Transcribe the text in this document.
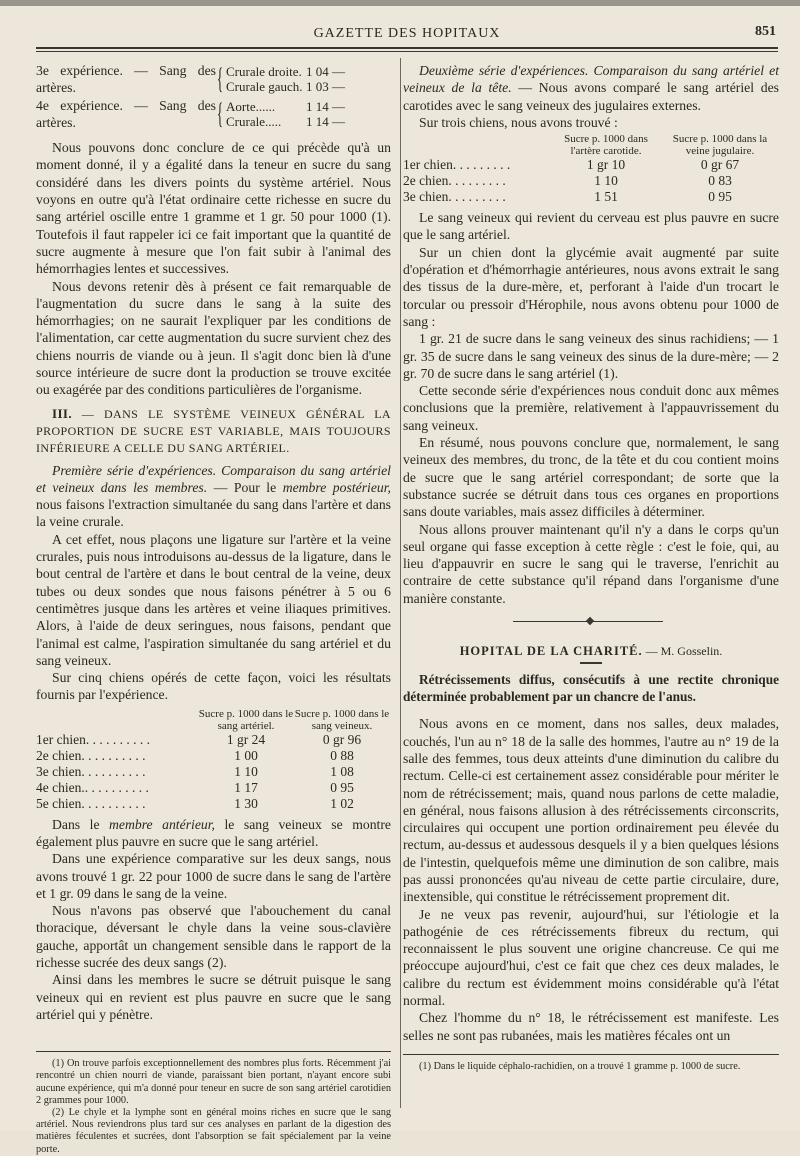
GAZETTE DES HOPITAUX	851
3e expérience. — Sang des artères.	{ Crurale droite. 1 04 —
Crurale gauch. 1 03 —
4e expérience. — Sang des artères.	{ Aorte......	1 14 —
Crurale.....	1 14 —

Nous pouvons donc conclure de ce qui précède qu'à un moment donné, il y a égalité dans la teneur en sucre du sang considéré dans les divers points du système artériel. Nous voyons en outre qu'à l'état ordinaire cette richesse en sucre du sang artériel oscille entre 1 gramme et 1 gr. 50 pour 1000 (1). Toutefois il faut rappeler ici ce fait important que la quantité de sucre augmente à mesure que l'on fait subir à l'animal des hémorrhagies lentes et successives.

Nous devons retenir dès à présent ce fait remarquable de l'augmentation du sucre dans le sang à la suite des hémorrhagies; on ne saurait l'expliquer par les conditions de l'alimentation, car cette augmentation du sucre survient chez des chiens nourris de viande ou à jeun. Il s'agit donc bien là d'une source intérieure de sucre dont la production se trouve excitée ou exagérée par des conditions particulières de l'organisme.

III. — DANS LE SYSTÈME VEINEUX GÉNÉRAL LA PROPORTION DE SUCRE EST VARIABLE, MAIS TOUJOURS INFÉRIEURE A CELLE DU SANG ARTÉRIEL.

Première série d'expériences. Comparaison du sang artériel et veineux dans les membres. — Pour le membre postérieur, nous faisons l'extraction simultanée du sang dans l'artère et dans la veine crurale.

A cet effet, nous plaçons une ligature sur l'artère et la veine crurales, puis nous introduisons au-dessus de la ligature, dans le bout central de l'artère et dans le bout central de la veine, deux tubes ou deux sondes que nous faisons pénétrer à 5 ou 6 centimètres jusque dans les artères et veine iliaques primitives. Alors, à l'aide de deux seringues, nous faisons, pendant que l'animal est calme, l'aspiration simultanée du sang artériel et du sang veineux.

Sur cinq chiens opérés de cette façon, voici les résultats fournis par l'expérience.

	Sucre p. 1000 dans le sang artériel.	Sucre p. 1000 dans le sang veineux.
1er chien. . . . . . . . . .	1 gr 24	0 gr 96
2e chien. . . . . . . . . .	1 00	0 88
3e chien. . . . . . . . . .	1 10	1 08
4e chien.. . . . . . . . . .	1 17	0 95
5e chien. . . . . . . . . .	1 30	1 02

Dans le membre antérieur, le sang veineux se montre également plus pauvre en sucre que le sang artériel.

Dans une expérience comparative sur les deux sangs, nous avons trouvé 1 gr. 22 pour 1000 de sucre dans le sang de l'artère et 1 gr. 09 dans le sang de la veine.

Nous n'avons pas observé que l'abouchement du canal thoracique, déversant le chyle dans la veine sous-clavière gauche, apportât un changement sensible dans le rapport de la richesse sucrée des deux sangs (2).

Ainsi dans les membres le sucre se détruit puisque le sang veineux qui en revient est plus pauvre en sucre que le sang artériel qui y pénètre.

(1) On trouve parfois exceptionnellement des nombres plus forts. Récemment j'ai rencontré un chien nourri de viande, paraissant bien portant, n'ayant encore subi aucune expérience, qui m'a donné pour teneur en sucre de son sang artériel carotidien 2 grammes pour 1000.

(2) Le chyle et la lymphe sont en général moins riches en sucre que le sang artériel. Nous reviendrons plus tard sur ces analyses en parlant de la digestion des matières féculentes et sucrées, dont l'absorption se fait spécialement par la veine porte.

Deuxième série d'expériences. Comparaison du sang artériel et veineux de la tête. — Nous avons comparé le sang artériel des carotides avec le sang veineux des jugulaires externes.

Sur trois chiens, nous avons trouvé :

	Sucre p. 1000 dans l'artère carotide.	Sucre p. 1000 dans la veine jugulaire.
1er chien. . . . . . . . .	1 gr 10	0 gr 67
2e chien. . . . . . . . .	1 10	0 83
3e chien. . . . . . . . .	1 51	0 95

Le sang veineux qui revient du cerveau est plus pauvre en sucre que le sang artériel.

Sur un chien dont la glycémie avait augmenté par suite d'opération et d'hémorrhagie antérieures, nous avons extrait le sang des tissus de la dure-mère, et, perforant à l'aide d'un trocart le torcular ou pressoir d'Hérophile, nous avons obtenu pour 1000 de sang :

1 gr. 21 de sucre dans le sang veineux des sinus rachidiens; — 1 gr. 35 de sucre dans le sang veineux des sinus de la dure-mère; — 2 gr. 70 de sucre dans le sang artériel (1).

Cette seconde série d'expériences nous conduit donc aux mêmes conclusions que la première, relativement à l'appauvrissement du sang veineux.

En résumé, nous pouvons conclure que, normalement, le sang veineux des membres, du tronc, de la tête et du cou contient moins de sucre que le sang artériel correspondant; de sorte que la substance sucrée se détruit dans tous ces organes en proportions sans doute variables, mais assez difficiles à déterminer.

Nous allons prouver maintenant qu'il n'y a dans le corps qu'un seul organe qui fasse exception à cette règle : c'est le foie, qui, au lieu d'appauvrir en sucre le sang qui le traverse, l'enrichit au contraire de cette substance qu'il répand dans l'organisme d'une manière constante.

HOPITAL DE LA CHARITÉ. — M. Gosselin.

Rétrécissements diffus, consécutifs à une rectite chronique déterminée probablement par un chancre de l'anus.

Nous avons en ce moment, dans nos salles, deux malades, couchés, l'un au n° 18 de la salle des hommes, l'autre au n° 19 de la salle des femmes, tous deux atteints d'une diminution du calibre du rectum. Celle-ci est certainement assez considérable pour mériter le nom de rétrécissement; mais, quand nous parlons de cette maladie, en général, nous faisons allusion à des rétrécissements circonscrits, circulaires qui occupent une portion ordinairement peu élevée du rectum, au-dessus et audessous desquels il y a bien quelques lésions de l'intestin, quelquefois même une diminution de son calibre, mais pas aussi prononcées qu'au niveau de cette partie circulaire, dure, inextensible, qui constitue le rétrécissement proprement dit.

Je ne veux pas revenir, aujourd'hui, sur l'étiologie et la pathogénie de ces rétrécissements fibreux du rectum, qui reconnaissent le plus souvent une origine chancreuse. Ce qui me préoccupe aujourd'hui, c'est ce fait que chez ces deux malades, le calibre du rectum est évidemment moins considérable qu'à l'état normal.

Chez l'homme du n° 18, le rétrécissement est manifeste. Les selles ne sont pas rubanées, mais les matières fécales ont un

(1) Dans le liquide céphalo-rachidien, on a trouvé 1 gramme p. 1000 de sucre.
